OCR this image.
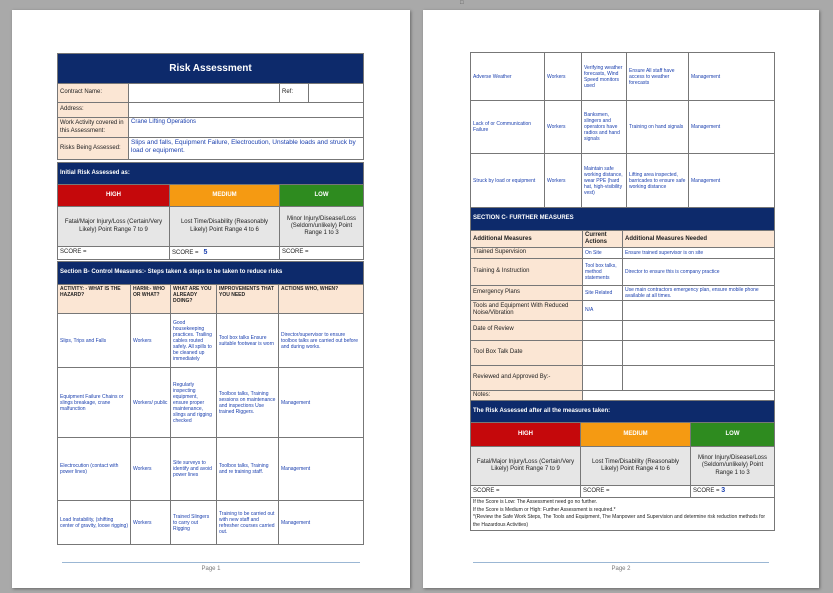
Risk Assessment			
Contract Name:		Ref:	
Address:			
Work Activity covered in this Assessment:	Crane Lifting Operations		
Risks Being Assessed:	Slips and falls, Equipment Failure, Electrocution, Unstable loads and struck by load or equipment.		
Initial Risk Assessed as:		
HIGH	MEDIUM	LOW
Fatal/Major Injury/Loss (Certain/Very Likely) Point Range 7 to 9	Lost Time/Disability (Reasonably Likely) Point Range 4 to 6	Minor Injury/Disease/Loss (Seldom/unlikely) Point Range 1 to 3
SCORE =	SCORE = 5	SCORE =
Section B- Control Measures:- Steps taken & steps to be taken to reduce risks				
ACTIVITY: - WHAT IS THE HAZARD?	HARM:- WHO OR WHAT?	WHAT ARE YOU ALREADY DOING?	IMPROVEMENTS THAT YOU NEED	ACTIONS WHO, WHEN?
Slips, Trips and Falls	Workers	Good housekeeping practices. Trailing cables routed safely. All spills to be cleaned up immediately	Tool box talks Ensure suitable footwear is worn	Director/supervisor to ensure toolbox talks are carried out before and during works.
Equipment Failure Chains or slings breakage, crane malfunction	Workers/ public	Regularly inspecting equipment, ensure proper maintenance, slings and rigging checked	Toolbox talks, Training sessions on maintenance and inspections Use trained Riggers.	Management
Electrocution (contact with power lines)	Workers	Site surveys to identify and avoid power lines	Toolbox talks, Training and re training staff.	Management
Load Instability, (shifting center of gravity, loose rigging)	Workers	Trained Slingers to carry out Rigging	Training to be carried out with new staff and refresher courses carried out.	Management
Page 1
□
Adverse Weather	Workers	Verifying weather forecasts, Wind Speed monitors used	Ensure All staff have access to weather forecasts	Management
Lack of or Communication Failure	Workers	Banksmen, slingers and operators have radios and hand signals	Training on hand signals	Management
Struck by load or equipment	Workers	Maintain safe working distance, wear PPE (hard hat, high-visibility vest)	Lifting area inspected, barricades to ensure safe working distance	Management
SECTION C- FURTHER MEASURES		
Additional Measures	Current Actions	Additional Measures Needed
Trained Supervision	On Site	Ensure trained supervisor is on site
Training & Instruction	Tool box talks, method statements	Director to ensure this is company practice
Emergency Plans	Site Related	Use main contractors emergency plan, ensure mobile phone available at all times.
Tools and Equipment With Reduced Noise/Vibration	N/A	
Date of Review		
Tool Box Talk Date		
Reviewed and Approved By:-		
Notes:		
The Risk Assessed after all the measures taken:		
HIGH	MEDIUM	LOW
Fatal/Major Injury/Loss (Certain/Very Likely) Point Range 7 to 9	Lost Time/Disability (Reasonably Likely) Point Range 4 to 6	Minor Injury/Disease/Loss (Seldom/unlikely) Point Range 1 to 3
SCORE =	SCORE =	SCORE = 3

If the Score is Low: The Assessment need go no further.
If the Score is Medium or High: Further Assessment is required.*
*(Review the Safe Work Steps, The Tools and Equipment, The Manpower and Supervision and determine risk reduction methods for the Hazardous Activities)		
Page 2
